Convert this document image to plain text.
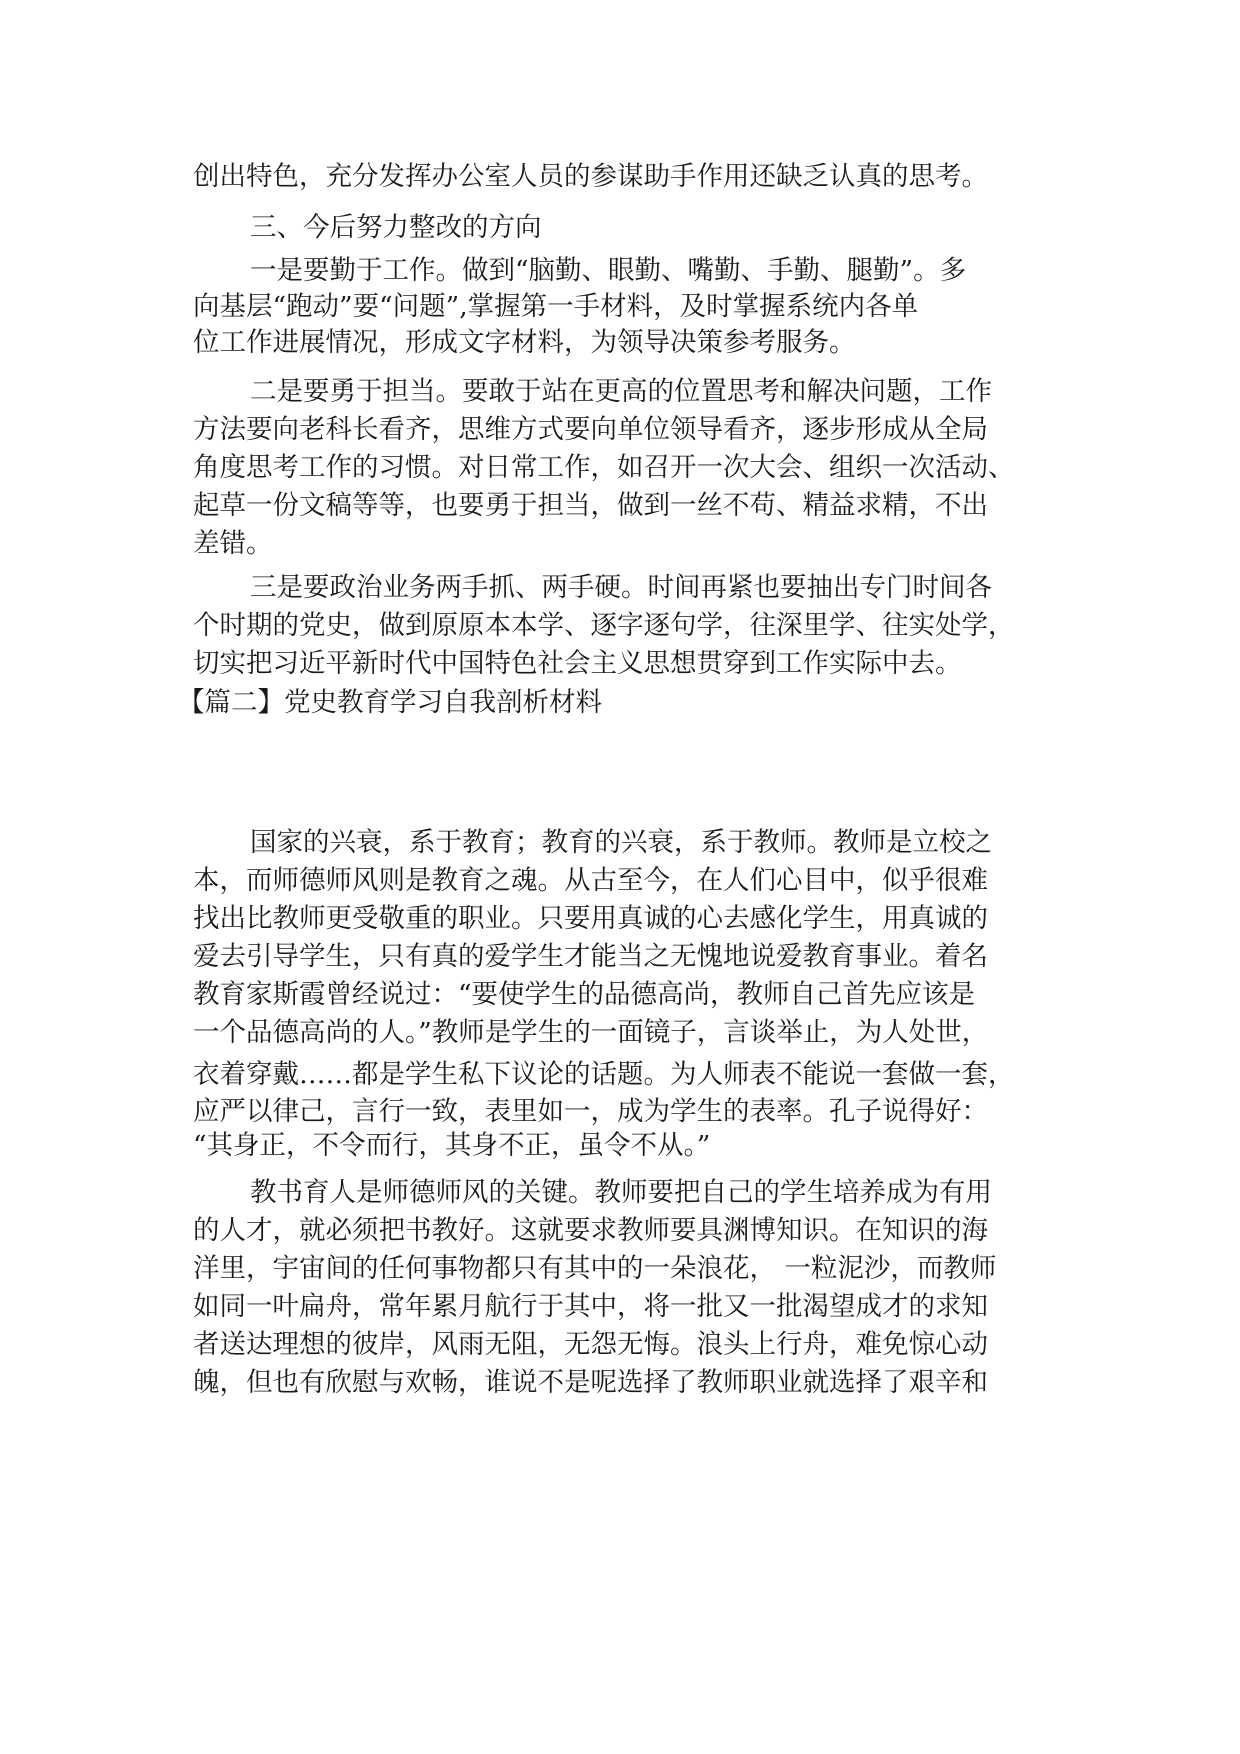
创出特色，充分发挥办公室人员的参谋助手作用还缺乏认真的思考。

三、今后努力整改的方向

一是要勤于工作。做到“脑勤、眼勤、嘴勤、手勤、腿勤”。多

向基层“跑动”要“问题”,掌握第一手材料，及时掌握系统内各单

位工作进展情况，形成文字材料，为领导决策参考服务。

二是要勇于担当。要敢于站在更高的位置思考和解决问题，工作

方法要向老科长看齐，思维方式要向单位领导看齐，逐步形成从全局

角度思考工作的习惯。对日常工作，如召开一次大会、组织一次活动、

起草一份文稿等等，也要勇于担当，做到一丝不苟、精益求精，不出

差错。

三是要政治业务两手抓、两手硬。时间再紧也要抽出专门时间各

个时期的党史，做到原原本本学、逐字逐句学，往深里学、往实处学，

切实把习近平新时代中国特色社会主义思想贯穿到工作实际中去。

【篇二】党史教育学习自我剖析材料

国家的兴衰，系于教育；教育的兴衰，系于教师。教师是立校之

本，而师德师风则是教育之魂。从古至今，在人们心目中，似乎很难

找出比教师更受敬重的职业。只要用真诚的心去感化学生，用真诚的

爱去引导学生，只有真的爱学生才能当之无愧地说爱教育事业。着名

教育家斯霞曾经说过：“要使学生的品德高尚，教师自己首先应该是

一个品德高尚的人。”教师是学生的一面镜子，言谈举止，为人处世，

衣着穿戴……都是学生私下议论的话题。为人师表不能说一套做一套，

应严以律己，言行一致，表里如一，成为学生的表率。孔子说得好：

“其身正，不令而行，其身不正，虽令不从。”

教书育人是师德师风的关键。教师要把自己的学生培养成为有用

的人才，就必须把书教好。这就要求教师要具渊博知识。在知识的海

洋里，宇宙间的任何事物都只有其中的一朵浪花， 一粒泥沙，而教师

如同一叶扁舟，常年累月航行于其中，将一批又一批渴望成才的求知

者送达理想的彼岸，风雨无阻，无怨无悔。浪头上行舟，难免惊心动

魄，但也有欣慰与欢畅，谁说不是呢选择了教师职业就选择了艰辛和
